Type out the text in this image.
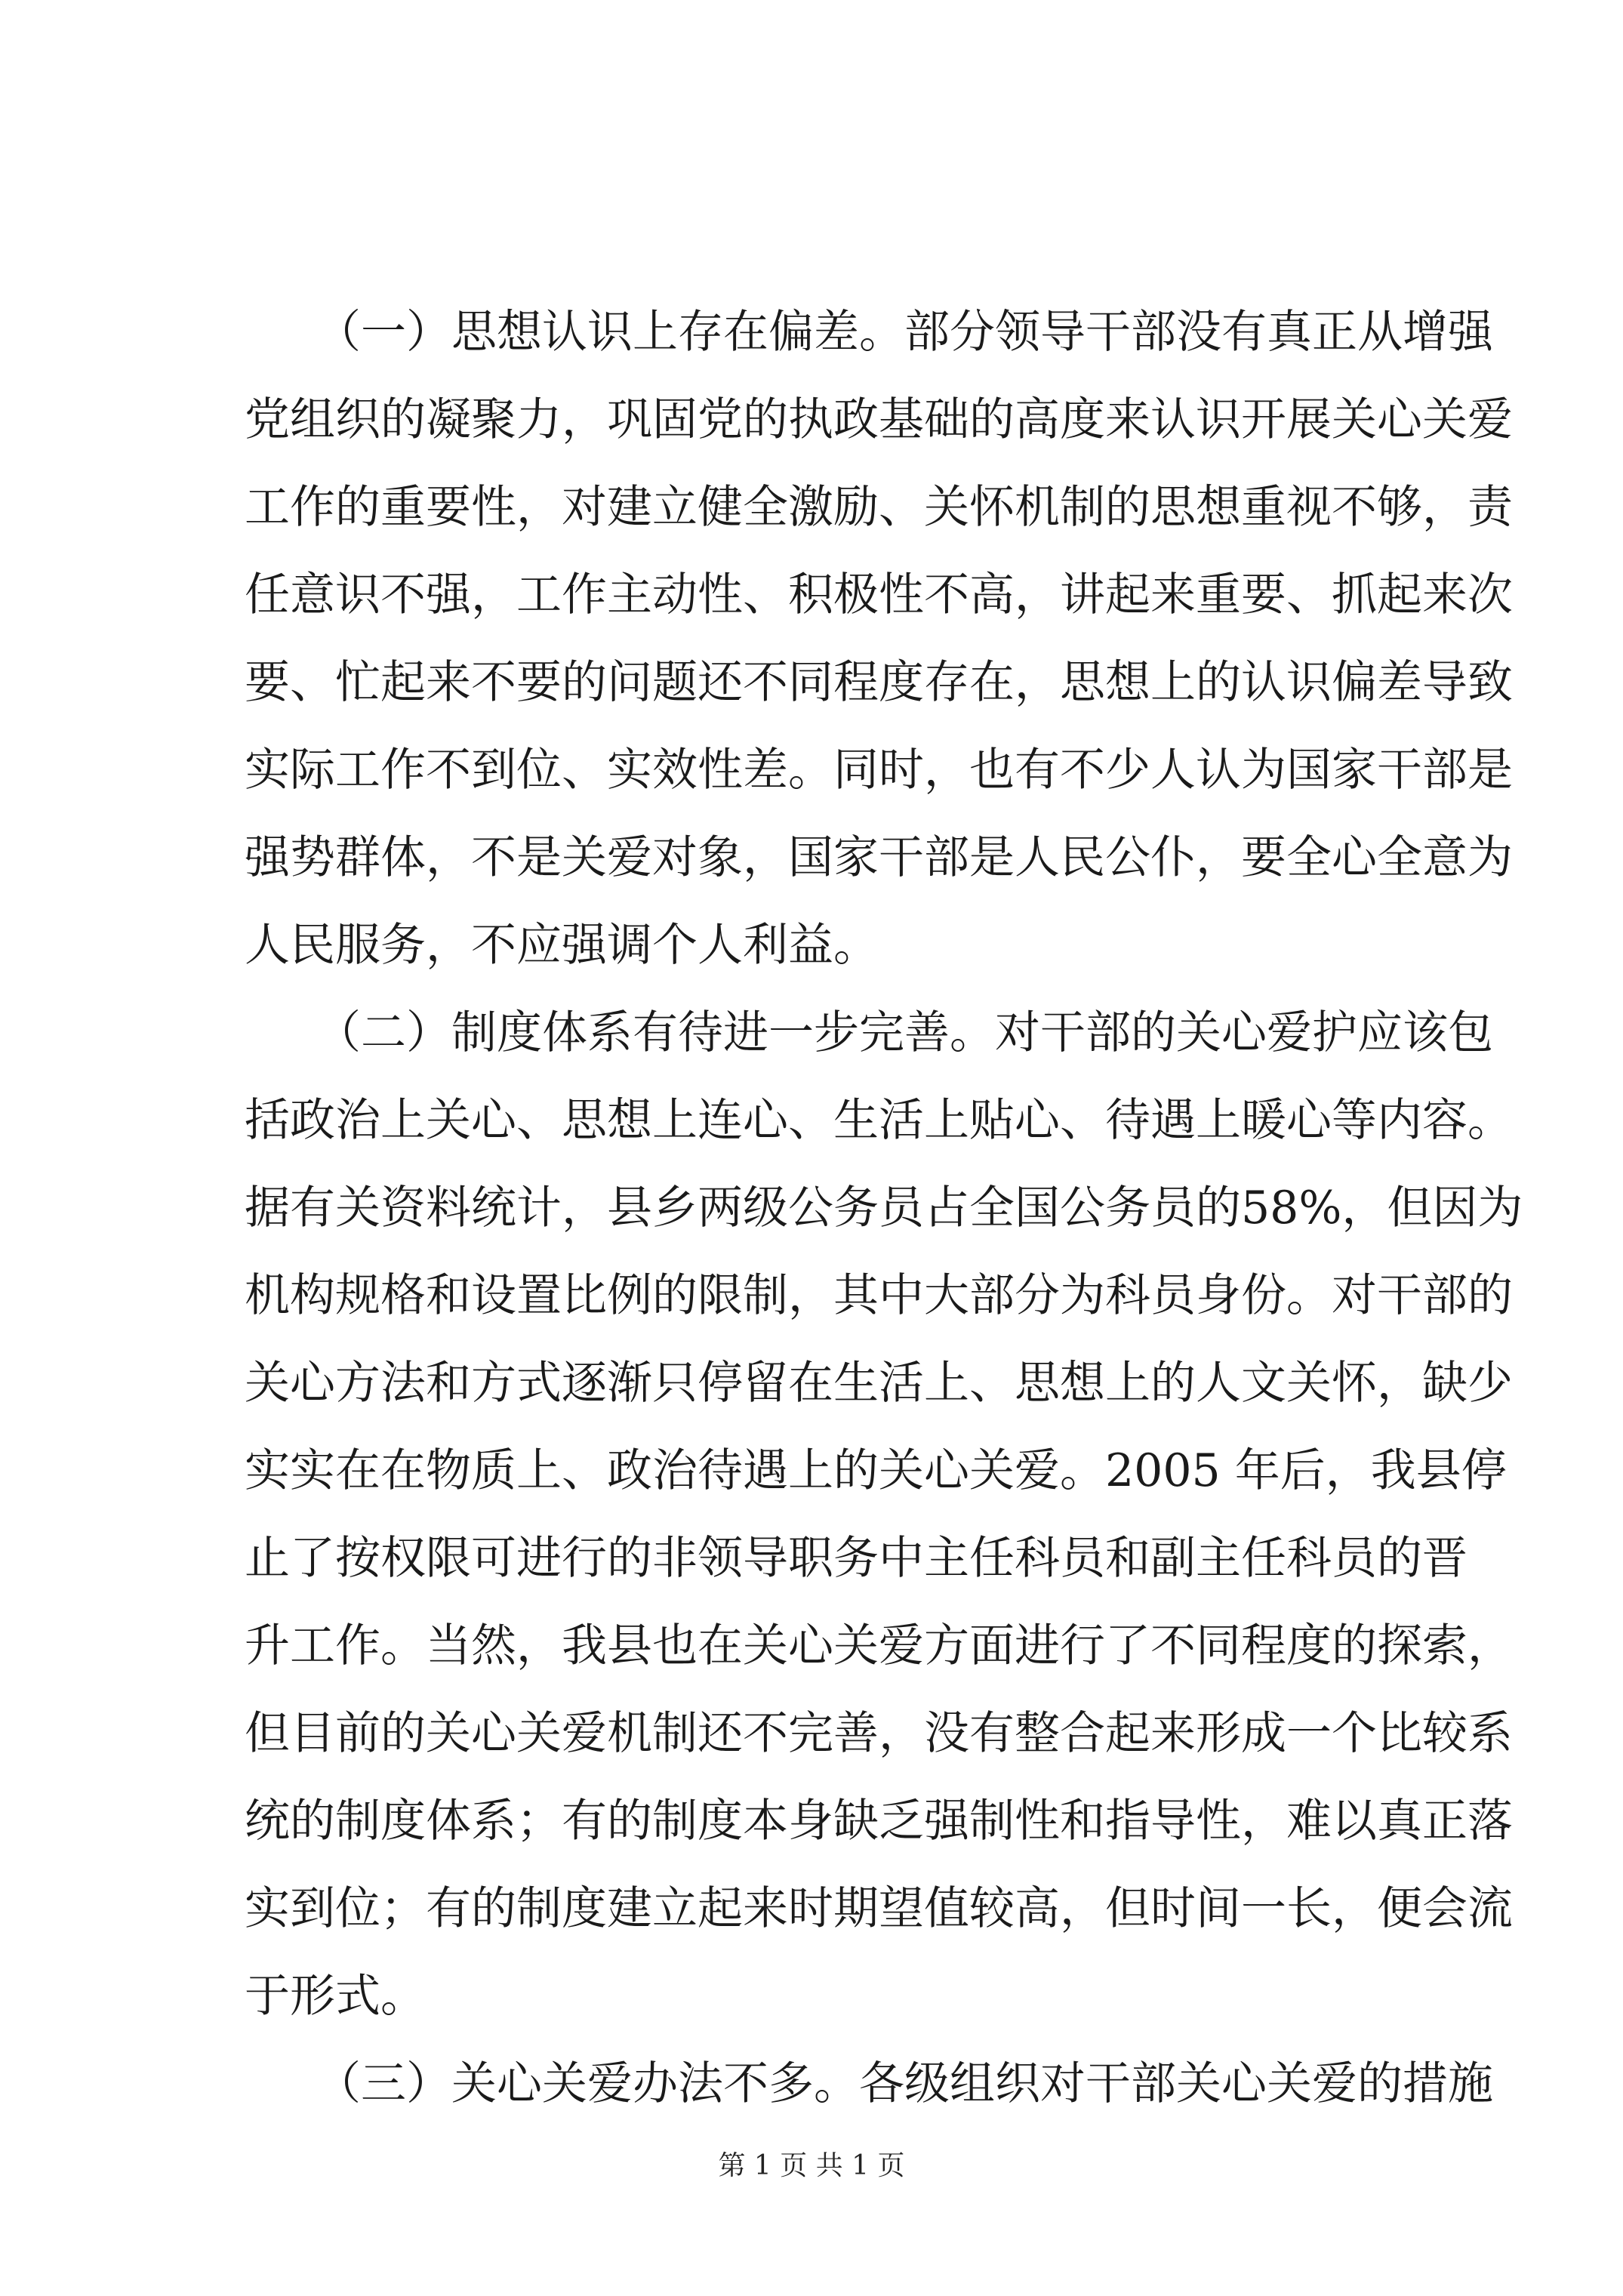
（一）思想认识上存在偏差。部分领导干部没有真正从增强
党组织的凝聚力，巩固党的执政基础的高度来认识开展关心关爱
工作的重要性，对建立健全激励、关怀机制的思想重视不够，责
任意识不强，工作主动性、积极性不高，讲起来重要、抓起来次
要、忙起来不要的问题还不同程度存在，思想上的认识偏差导致
实际工作不到位、实效性差。同时，也有不少人认为国家干部是
强势群体，不是关爱对象，国家干部是人民公仆，要全心全意为
人民服务，不应强调个人利益。
（二）制度体系有待进一步完善。对干部的关心爱护应该包
括政治上关心、思想上连心、生活上贴心、待遇上暖心等内容。
据有关资料统计，县乡两级公务员占全国公务员的58%，但因为
机构规格和设置比例的限制，其中大部分为科员身份。对干部的
关心方法和方式逐渐只停留在生活上、思想上的人文关怀，缺少
实实在在物质上、政治待遇上的关心关爱。2005 年后，我县停
止了按权限可进行的非领导职务中主任科员和副主任科员的晋
升工作。当然，我县也在关心关爱方面进行了不同程度的探索，
但目前的关心关爱机制还不完善，没有整合起来形成一个比较系
统的制度体系；有的制度本身缺乏强制性和指导性，难以真正落
实到位；有的制度建立起来时期望值较高，但时间一长，便会流
于形式。
（三）关心关爱办法不多。各级组织对干部关心关爱的措施
第 1 页 共 1 页
